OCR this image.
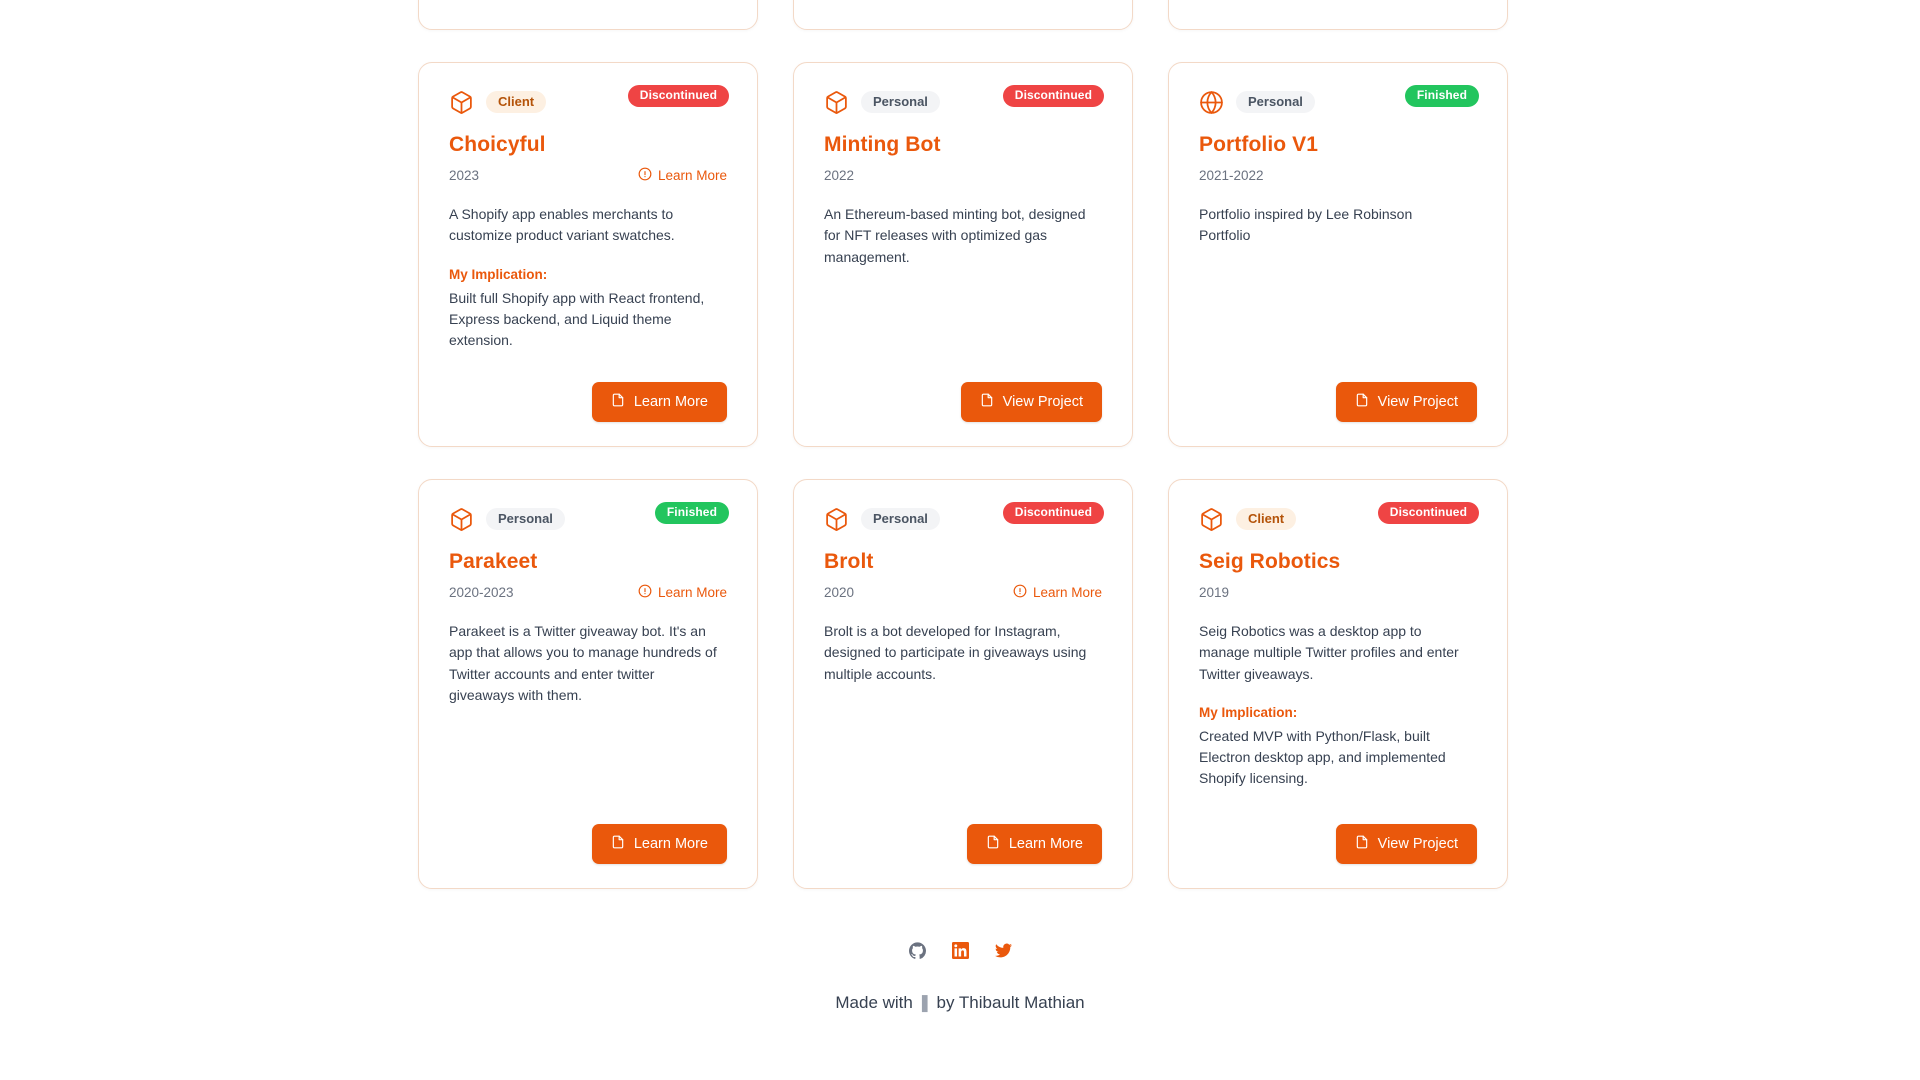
Client	Discontinued
Choicyful
2023	Learn More
A Shopify app enables merchants to customize product variant swatches.
My Implication:
Built full Shopify app with React frontend, Express backend, and Liquid theme extension.
Learn More
Personal	Discontinued
Minting Bot
2022
An Ethereum-based minting bot, designed for NFT releases with optimized gas management.
View Project
Personal	Finished
Portfolio V1
2021-2022
Portfolio inspired by Lee Robinson Portfolio
View Project
Personal	Finished
Parakeet
2020-2023	Learn More
Parakeet is a Twitter giveaway bot. It's an app that allows you to manage hundreds of Twitter accounts and enter twitter giveaways with them.
Learn More
Personal	Discontinued
Brolt
2020	Learn More
Brolt is a bot developed for Instagram, designed to participate in giveaways using multiple accounts.
Learn More
Client	Discontinued
Seig Robotics
2019
Seig Robotics was a desktop app to manage multiple Twitter profiles and enter Twitter giveaways.
My Implication:
Created MVP with Python/Flask, built Electron desktop app, and implemented Shopify licensing.
View Project
Made with ❚ by Thibault Mathian
